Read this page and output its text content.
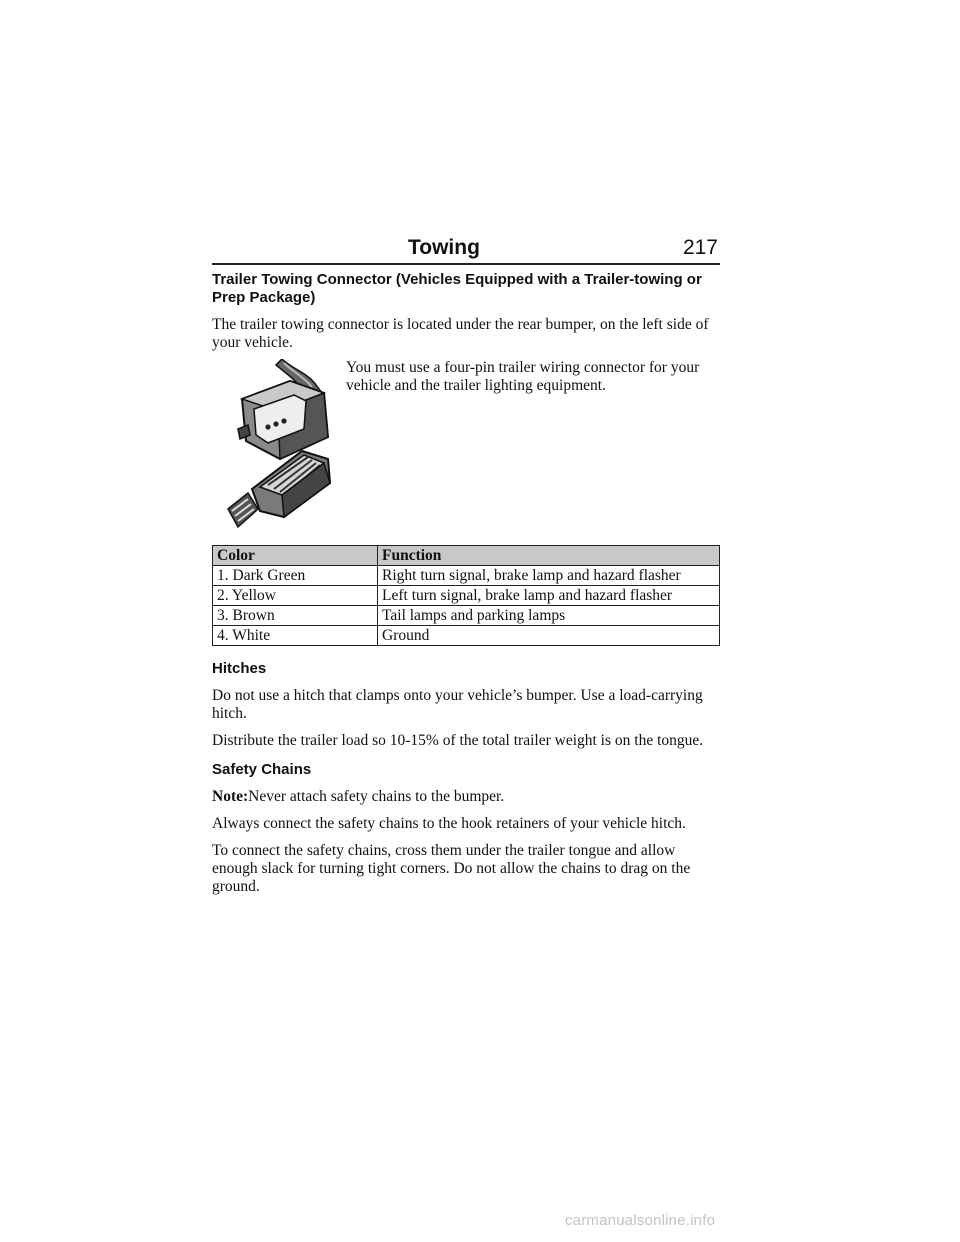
Towing	217
Trailer Towing Connector (Vehicles Equipped with a Trailer-towing or Prep Package)

The trailer towing connector is located under the rear bumper, on the left side of your vehicle.

You must use a four-pin trailer wiring connector for your vehicle and the trailer lighting equipment.

Color	Function
1. Dark Green	Right turn signal, brake lamp and hazard flasher
2. Yellow	Left turn signal, brake lamp and hazard flasher
3. Brown	Tail lamps and parking lamps
4. White	Ground
Hitches

Do not use a hitch that clamps onto your vehicle’s bumper. Use a load-carrying hitch.

Distribute the trailer load so 10-15% of the total trailer weight is on the tongue.

Safety Chains

Note:Never attach safety chains to the bumper.

Always connect the safety chains to the hook retainers of your vehicle hitch.

To connect the safety chains, cross them under the trailer tongue and allow enough slack for turning tight corners. Do not allow the chains to drag on the ground.

carmanualsonline.info
